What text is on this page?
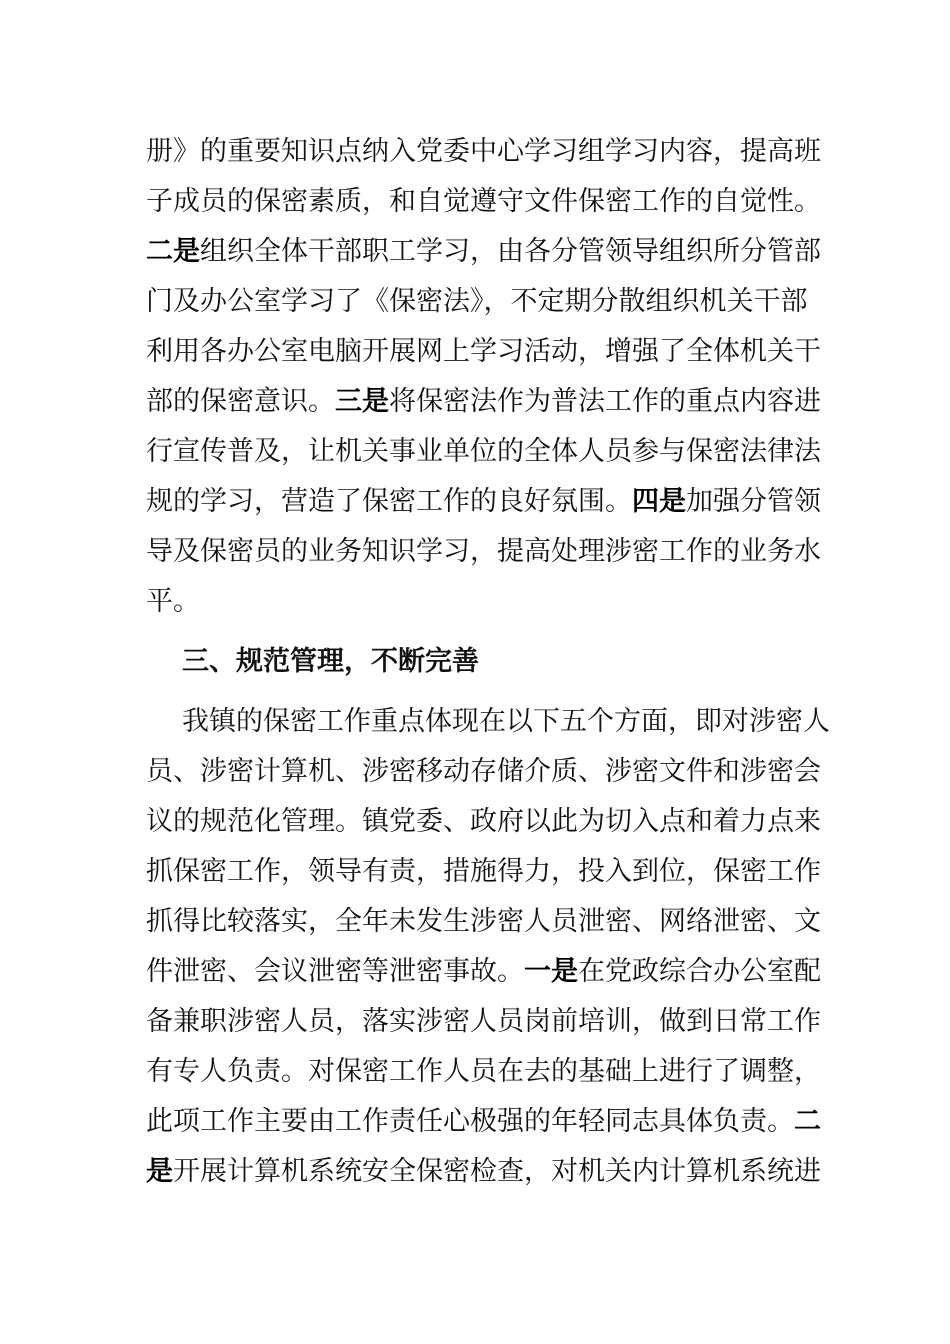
册》的重要知识点纳入党委中心学习组学习内容，提高班
子成员的保密素质，和自觉遵守文件保密工作的自觉性。
二是组织全体干部职工学习，由各分管领导组织所分管部
门及办公室学习了《保密法》，不定期分散组织机关干部
利用各办公室电脑开展网上学习活动，增强了全体机关干
部的保密意识。三是将保密法作为普法工作的重点内容进
行宣传普及，让机关事业单位的全体人员参与保密法律法
规的学习，营造了保密工作的良好氛围。四是加强分管领
导及保密员的业务知识学习，提高处理涉密工作的业务水
平。
三、规范管理，不断完善
我镇的保密工作重点体现在以下五个方面，即对涉密人
员、涉密计算机、涉密移动存储介质、涉密文件和涉密会
议的规范化管理。镇党委、政府以此为切入点和着力点来
抓保密工作，领导有责，措施得力，投入到位，保密工作
抓得比较落实，全年未发生涉密人员泄密、网络泄密、文
件泄密、会议泄密等泄密事故。一是在党政综合办公室配
备兼职涉密人员，落实涉密人员岗前培训，做到日常工作
有专人负责。对保密工作人员在去的基础上进行了调整，
此项工作主要由工作责任心极强的年轻同志具体负责。二
是开展计算机系统安全保密检查，对机关内计算机系统进
